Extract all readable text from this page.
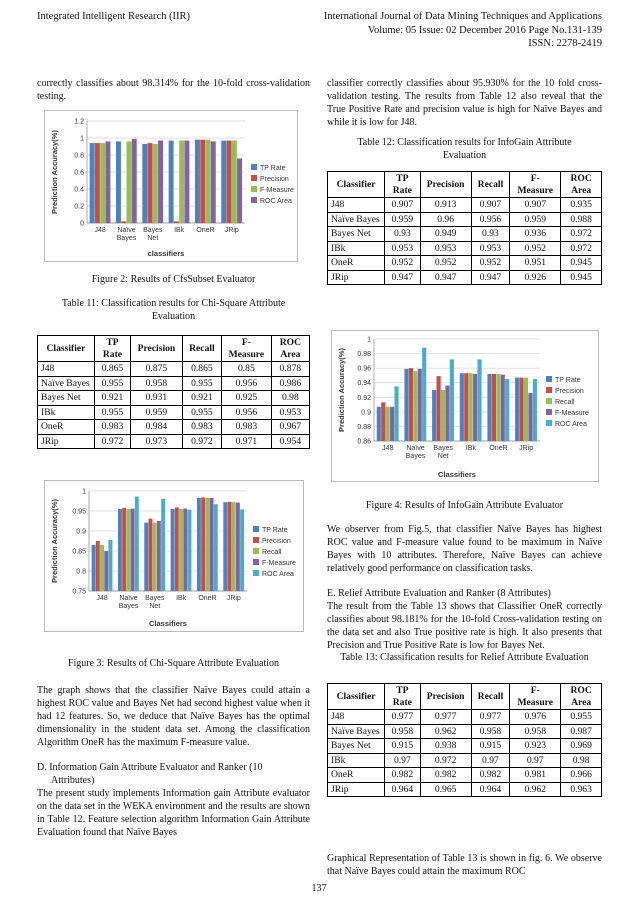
Integrated Intelligent Research (IIR)	International Journal of Data Mining Techniques and Applications
Volume: 05 Issue: 02 December 2016 Page No.131-139
ISSN: 2278-2419

correctly classifies about 98.314% for the 10-fold cross-validation testing.

0
0.2
0.4
0.6
0.8
1
1.2
J48 Naïve Bayes
Bayes Net
IBk OneR JRip
classifiers
Prediction Accuracy(%)	TP Rate
Precision
F-Measure
ROC Area
Figure 2: Results of CfsSubset Evaluator
Table 11: Classification results for Chi-Square Attribute Evaluation
Classifier	TP Rate	Precision	Recall	F-Measure	ROC Area
J48	0.865	0.875	0.865	0.85	0.878
Naïve Bayes	0.955	0.958	0.955	0.956	0.986
Bayes Net	0.921	0.931	0.921	0.925	0.98
IBk	0.955	0.959	0.955	0.956	0.953
OneR	0.983	0.984	0.983	0.983	0.967
JRip	0.972	0.973	0.972	0.971	0.954
0.75
0.8
0.85
0.9
0.95
1
J48 Naïve Bayes
Bayes Net
IBk OneR JRip
Classifiers
Prediction Accuracy(%)	TP Rate
Precision
Recall
F-Measure
ROC Area
Figure 3: Results of Chi-Square Attribute Evaluation

The graph shows that the classifier Naïve Bayes could attain a highest ROC value and Bayes Net had second highest value when it had 12 features. So, we deduce that Naïve Bayes has the optimal dimensionality in the student data set. Among the classification Algorithm OneR has the maximum F-measure value.

D. Information Gain Attribute Evaluator and Ranker (10
Attributes)

The present study implements Information gain Attribute evaluator on the data set in the WEKA environment and the results are shown in Table 12. Feature selection algorithm Information Gain Attribute Evaluation found that Naïve Bayes

classifier correctly classifies about 95.930% for the 10 fold cross-validation testing. The results from Table 12 also reveal that the True Positive Rate and precision value is high for Naïve Bayes and while it is low for J48.

Table 12: Classification results for InfoGain Attribute Evaluation
Classifier	TP Rate	Precision	Recall	F-Measure	ROC Area
J48	0.907	0.913	0.907	0.907	0.935
Naïve Bayes	0.959	0.96	0.956	0.959	0.988
Bayes Net	0.93	0.949	0.93	0.936	0.972
IBk	0.953	0.953	0.953	0.952	0.972
OneR	0.952	0.952	0.952	0.951	0.945
JRip	0.947	0.947	0.947	0.926	0.945
0.86
0.88
0.9
0.92
0.94
0.96
0.98
1
J48 Naïve Bayes
Bayes Net
IBk OneR JRip
Classifiers
Prediction Accuracy(%)	TP Rate
Precision
Recall
F-Measure
ROC Area
Figure 4: Results of InfoGain Attribute Evaluator

We observer from Fig.5, that classifier Naïve Bayes has highest ROC value and F-measure value found to be maximum in Naïve Bayes with 10 attributes. Therefore, Naïve Bayes can achieve relatively good performance on classification tasks.

E. Relief Attribute Evaluation and Ranker (8 Attributes)

The result from the Table 13 shows that Classifier OneR correctly classifies about 98.181% for the 10-fold Cross-validation testing on the data set and also True positive rate is high. It also presents that Precision and True Positive Rate is low for Bayes Net.

Table 13: Classification results for Relief Attribute Evaluation
Classifier	TP Rate	Precision	Recall	F-Measure	ROC Area
J48	0.977	0.977	0.977	0.976	0.955
Naïve Bayes	0.958	0.962	0.958	0.958	0.987
Bayes Net	0.915	0.938	0.915	0.923	0.969
IBk	0.97	0.972	0.97	0.97	0.98
OneR	0.982	0.982	0.982	0.981	0.966
JRip	0.964	0.965	0.964	0.962	0.963

Graphical Representation of Table 13 is shown in fig. 6. We observe that Naïve Bayes could attain the maximum ROC

137
